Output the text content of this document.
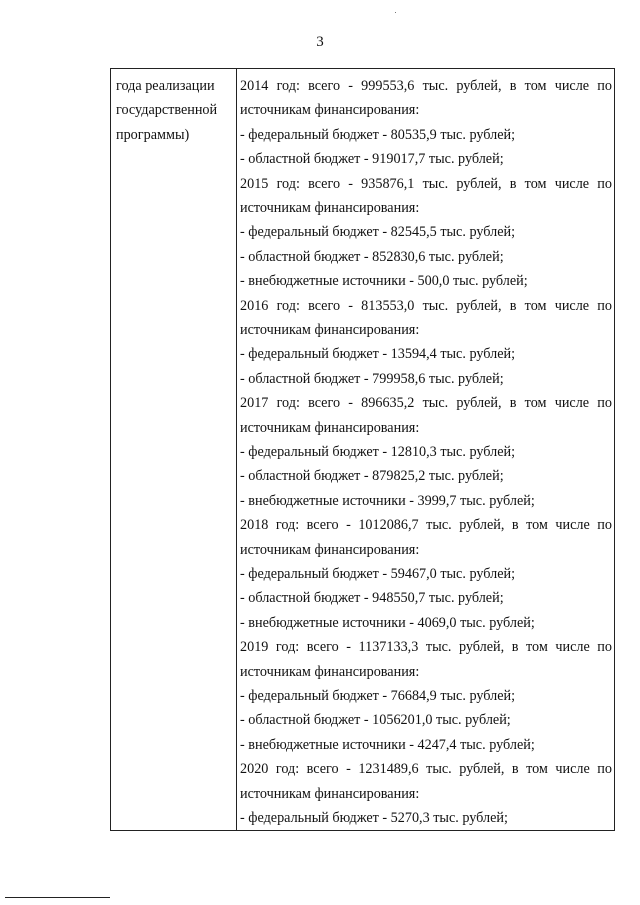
3
года реализации
государственной
программы)
2014 год: всего - 999553,6 тыс. рублей, в том числе по
источникам финансирования:
- федеральный бюджет - 80535,9 тыс. рублей;
- областной бюджет - 919017,7 тыс. рублей;
2015 год: всего - 935876,1 тыс. рублей, в том числе по
источникам финансирования:
- федеральный бюджет - 82545,5 тыс. рублей;
- областной бюджет - 852830,6 тыс. рублей;
- внебюджетные источники - 500,0 тыс. рублей;
2016 год: всего - 813553,0 тыс. рублей, в том числе по
источникам финансирования:
- федеральный бюджет - 13594,4 тыс. рублей;
- областной бюджет - 799958,6 тыс. рублей;
2017 год: всего - 896635,2 тыс. рублей, в том числе по
источникам финансирования:
- федеральный бюджет - 12810,3 тыс. рублей;
- областной бюджет - 879825,2 тыс. рублей;
- внебюджетные источники - 3999,7 тыс. рублей;
2018 год: всего - 1012086,7 тыс. рублей, в том числе по
источникам финансирования:
- федеральный бюджет - 59467,0 тыс. рублей;
- областной бюджет - 948550,7 тыс. рублей;
- внебюджетные источники - 4069,0 тыс. рублей;
2019 год: всего - 1137133,3 тыс. рублей, в том числе по
источникам финансирования:
- федеральный бюджет - 76684,9 тыс. рублей;
- областной бюджет - 1056201,0 тыс. рублей;
- внебюджетные источники - 4247,4 тыс. рублей;
2020 год: всего - 1231489,6 тыс. рублей, в том числе по
источникам финансирования:
- федеральный бюджет - 5270,3 тыс. рублей;
